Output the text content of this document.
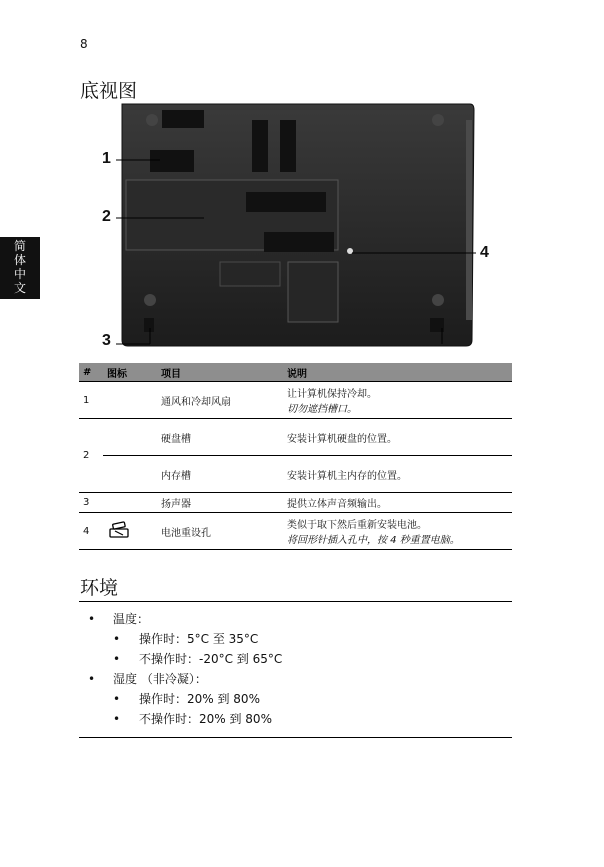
8
简
体
中
文
底视图
1
2
3
4
#	图标	项目	说明
1		通风和冷却风扇	让计算机保持冷却。
切勿遮挡槽口。

2		硬盘槽	安装计算机硬盘的位置。
		内存槽	安装计算机主内存的位置。
3		扬声器	提供立体声音频输出。
4		电池重设孔	类似于取下然后重新安装电池。
将回形针插入孔中，按 4 秒重置电脑。
环境
• 温度：
• 操作时：5°C 至 35°C
• 不操作时：-20°C 到 65°C
• 湿度 （非冷凝）：
• 操作时：20% 到 80%
• 不操作时：20% 到 80%
